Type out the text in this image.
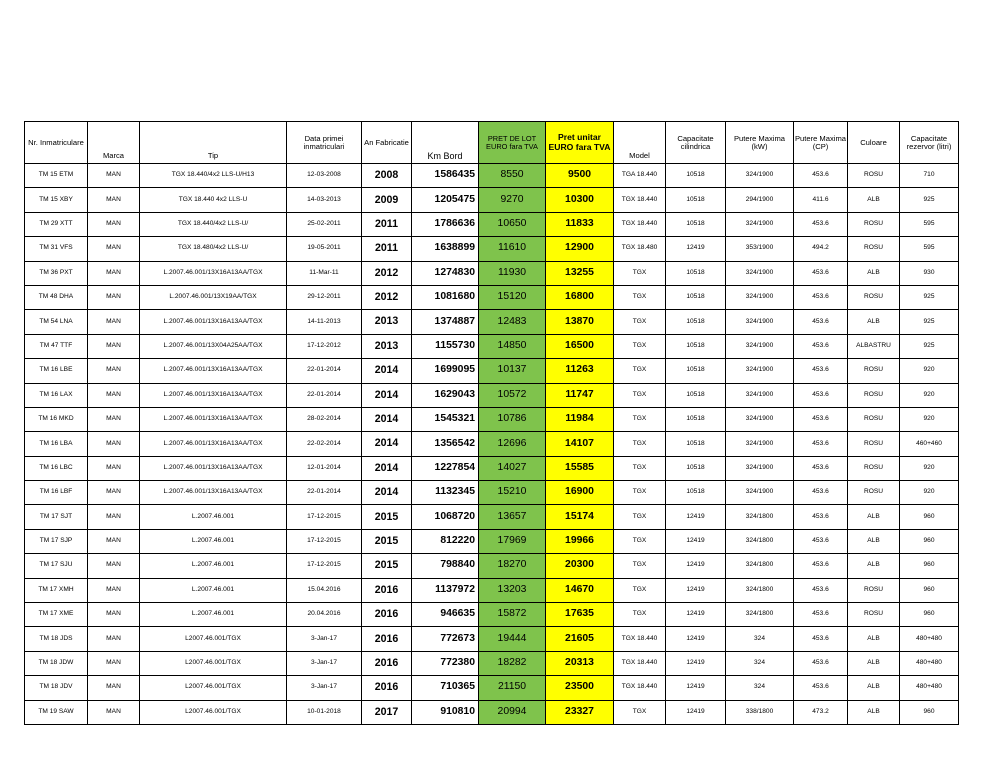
Nr. Inmatriculare	Marca	Tip	Data primei inmatriculari	An Fabricatie	Km Bord	PRET DE LOT EURO fara TVA	Pret unitar EURO fara TVA	Model	Capacitate cilindrica	Putere Maxima (kW)	Putere Maxima (CP)	Culoare	Capacitate rezervor (litri)
TM 15 ETM	MAN	TGX 18.440/4x2 LLS-U/H13	12-03-2008	2008	1586435	8550	9500	TGA 18.440	10518	324/1900	453.6	ROSU	710
TM 15 XBY	MAN	TGX 18.440 4x2 LLS-U	14-03-2013	2009	1205475	9270	10300	TGX 18.440	10518	294/1900	411.6	ALB	925
TM 29 XTT	MAN	TGX 18.440/4x2 LLS-U/	25-02-2011	2011	1786636	10650	11833	TGX 18.440	10518	324/1900	453.6	ROSU	595
TM 31 VFS	MAN	TGX 18.480/4x2 LLS-U/	19-05-2011	2011	1638899	11610	12900	TGX 18.480	12419	353/1900	494.2	ROSU	595
TM 36 PXT	MAN	L.2007.46.001/13X16A13AA/TGX	11-Mar-11	2012	1274830	11930	13255	TGX	10518	324/1900	453.6	ALB	930
TM 48 DHA	MAN	L.2007.46.001/13X19AA/TGX	29-12-2011	2012	1081680	15120	16800	TGX	10518	324/1900	453.6	ROSU	925
TM 54 LNA	MAN	L.2007.46.001/13X16A13AA/TGX	14-11-2013	2013	1374887	12483	13870	TGX	10518	324/1900	453.6	ALB	925
TM 47 TTF	MAN	L.2007.46.001/13X04A25AA/TGX	17-12-2012	2013	1155730	14850	16500	TGX	10518	324/1900	453.6	ALBASTRU	925
TM 16 LBE	MAN	L.2007.46.001/13X16A13AA/TGX	22-01-2014	2014	1699095	10137	11263	TGX	10518	324/1900	453.6	ROSU	920
TM 16 LAX	MAN	L.2007.46.001/13X16A13AA/TGX	22-01-2014	2014	1629043	10572	11747	TGX	10518	324/1900	453.6	ROSU	920
TM 16 MKD	MAN	L.2007.46.001/13X16A13AA/TGX	28-02-2014	2014	1545321	10786	11984	TGX	10518	324/1900	453.6	ROSU	920
TM 16 LBA	MAN	L.2007.46.001/13X16A13AA/TGX	22-02-2014	2014	1356542	12696	14107	TGX	10518	324/1900	453.6	ROSU	460+460
TM 16 LBC	MAN	L.2007.46.001/13X16A13AA/TGX	12-01-2014	2014	1227854	14027	15585	TGX	10518	324/1900	453.6	ROSU	920
TM 16 LBF	MAN	L.2007.46.001/13X16A13AA/TGX	22-01-2014	2014	1132345	15210	16900	TGX	10518	324/1900	453.6	ROSU	920
TM 17 SJT	MAN	L.2007.46.001	17-12-2015	2015	1068720	13657	15174	TGX	12419	324/1800	453.6	ALB	960
TM 17 SJP	MAN	L.2007.46.001	17-12-2015	2015	812220	17969	19966	TGX	12419	324/1800	453.6	ALB	960
TM 17 SJU	MAN	L.2007.46.001	17-12-2015	2015	798840	18270	20300	TGX	12419	324/1800	453.6	ALB	960
TM 17 XMH	MAN	L.2007.46.001	15.04.2016	2016	1137972	13203	14670	TGX	12419	324/1800	453.6	ROSU	960
TM 17 XME	MAN	L.2007.46.001	20.04.2016	2016	946635	15872	17635	TGX	12419	324/1800	453.6	ROSU	960
TM 18 JDS	MAN	L2007.46.001/TGX	3-Jan-17	2016	772673	19444	21605	TGX 18.440	12419	324	453.6	ALB	480+480
TM 18 JDW	MAN	L2007.46.001/TGX	3-Jan-17	2016	772380	18282	20313	TGX 18.440	12419	324	453.6	ALB	480+480
TM 18 JDV	MAN	L2007.46.001/TGX	3-Jan-17	2016	710365	21150	23500	TGX 18.440	12419	324	453.6	ALB	480+480
TM 19 SAW	MAN	L2007.46.001/TGX	10-01-2018	2017	910810	20994	23327	TGX	12419	338/1800	473.2	ALB	960
